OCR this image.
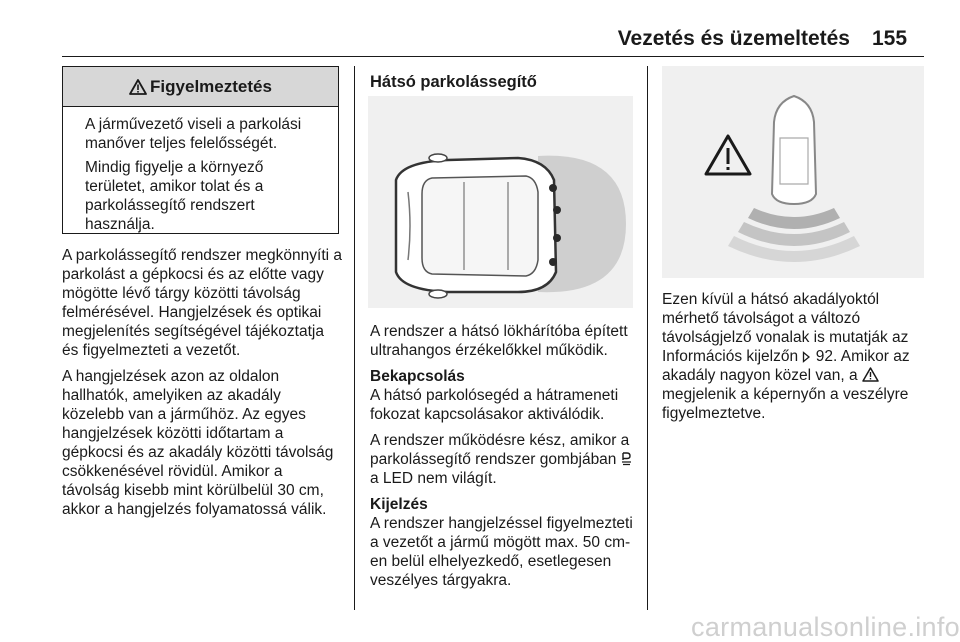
Vezetés és üzemeltetés 155
Figyelmeztetés

A járművezető viseli a parkolási manőver teljes felelősségét.

Mindig figyelje a környező területet, amikor tolat és a parkolássegítő rendszert használja.

A parkolássegítő rendszer megkönnyíti a parkolást a gépkocsi és az előtte vagy mögötte lévő tárgy közötti távolság felmérésével. Hangjelzések és optikai megjelenítés segítségével tájékoztatja és figyelmezteti a vezetőt.

A hangjelzések azon az oldalon hallhatók, amelyiken az akadály közelebb van a járműhöz. Az egyes hangjelzések közötti időtartam a gépkocsi és az akadály közötti távolság csökkenésével rövidül. Amikor a távolság kisebb mint körülbelül 30 cm, akkor a hangjelzés folyamatossá válik.

Hátsó parkolássegítő

A rendszer a hátsó lökhárítóba épített ultrahangos érzékelőkkel működik.

Bekapcsolás

A hátsó parkolósegéd a hátrameneti fokozat kapcsolásakor aktiválódik.

A rendszer működésre kész, amikor a parkolássegítő rendszer gombjában  a LED nem világít.

Kijelzés

A rendszer hangjelzéssel figyelmezteti a vezetőt a jármű mögött max. 50 cm-en belül elhelyezkedő, esetlegesen veszélyes tárgyakra.

Ezen kívül a hátsó akadályoktól mérhető távolságot a változó távolságjelző vonalak is mutatják az Információs kijelzőn 92. Amikor az akadály nagyon közel van, a  megjelenik a képernyőn a veszélyre figyelmeztetve.

carmanualsonline.info
